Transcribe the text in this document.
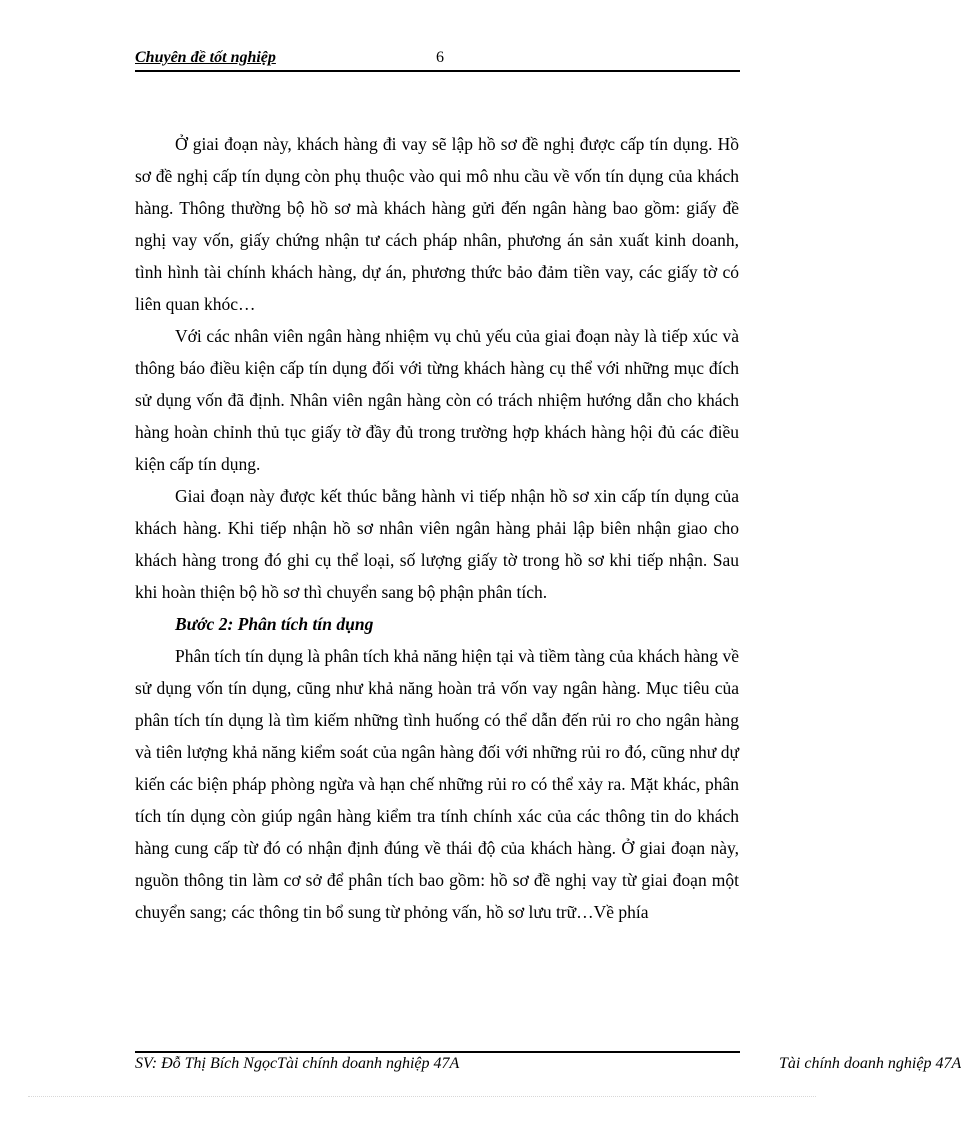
Chuyên đề tốt nghiệp	6

Ở giai đoạn này, khách hàng đi vay sẽ lập hồ sơ đề nghị được cấp tín dụng. Hồ sơ đề nghị cấp tín dụng còn phụ thuộc vào qui mô nhu cầu về vốn tín dụng của khách hàng. Thông thường bộ hồ sơ mà khách hàng gửi đến ngân hàng bao gồm: giấy đề nghị vay vốn, giấy chứng nhận tư cách pháp nhân, phương án sản xuất kinh doanh, tình hình tài chính khách hàng, dự án, phương thức bảo đảm tiền vay, các giấy tờ có liên quan khóc…

Với các nhân viên ngân hàng nhiệm vụ chủ yếu của giai đoạn này là tiếp xúc và thông báo điều kiện cấp tín dụng đối với từng khách hàng cụ thể với những mục đích sử dụng vốn đã định. Nhân viên ngân hàng còn có trách nhiệm hướng dẫn cho khách hàng hoàn chỉnh thủ tục giấy tờ đầy đủ trong trường hợp khách hàng hội đủ các điều kiện cấp tín dụng.

Giai đoạn này được kết thúc bằng hành vi tiếp nhận hồ sơ xin cấp tín dụng của khách hàng. Khi tiếp nhận hồ sơ nhân viên ngân hàng phải lập biên nhận giao cho khách hàng trong đó ghi cụ thể loại, số lượng giấy tờ trong hồ sơ khi tiếp nhận. Sau khi hoàn thiện bộ hồ sơ thì chuyển sang bộ phận phân tích.

Bước 2: Phân tích tín dụng

Phân tích tín dụng là phân tích khả năng hiện tại và tiềm tàng của khách hàng về sử dụng vốn tín dụng, cũng như khả năng hoàn trả vốn vay ngân hàng. Mục tiêu của phân tích tín dụng là tìm kiếm những tình huống có thể dẫn đến rủi ro cho ngân hàng và tiên lượng khả năng kiểm soát của ngân hàng đối với những rủi ro đó, cũng như dự kiến các biện pháp phòng ngừa và hạn chế những rủi ro có thể xảy ra. Mặt khác, phân tích tín dụng còn giúp ngân hàng kiểm tra tính chính xác của các thông tin do khách hàng cung cấp từ đó có nhận định đúng về thái độ của khách hàng. Ở giai đoạn này, nguồn thông tin làm cơ sở để phân tích bao gồm: hồ sơ đề nghị vay từ giai đoạn một chuyển sang; các thông tin bổ sung từ phỏng vấn, hồ sơ lưu trữ…Về phía

SV: Đỗ Thị Bích NgọcTài chính doanh nghiệp 47A	Tài chính doanh nghiệp 47A
